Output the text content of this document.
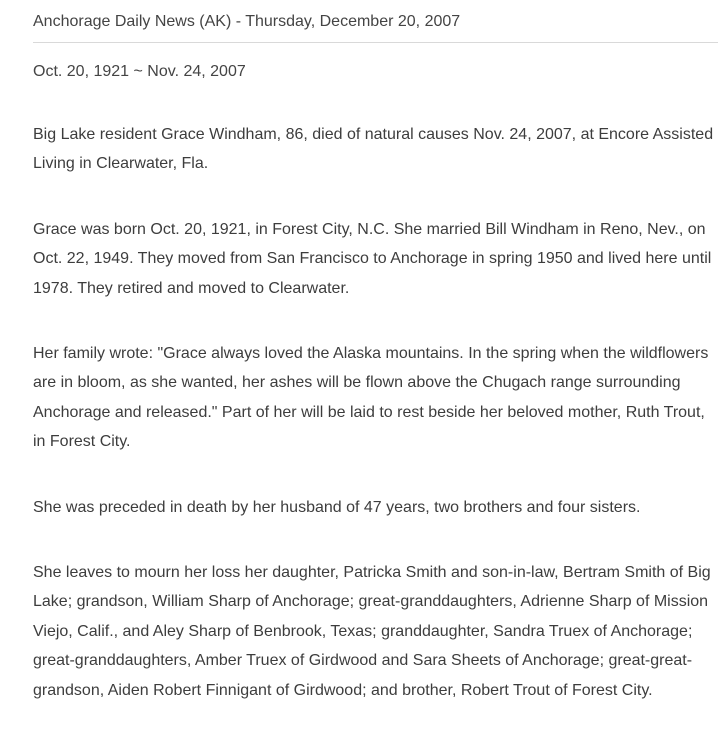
Anchorage Daily News (AK) - Thursday, December 20, 2007

Oct. 20, 1921 ~ Nov. 24, 2007

Big Lake resident Grace Windham, 86, died of natural causes Nov. 24, 2007, at Encore Assisted Living in Clearwater, Fla.

Grace was born Oct. 20, 1921, in Forest City, N.C. She married Bill Windham in Reno, Nev., on Oct. 22, 1949. They moved from San Francisco to Anchorage in spring 1950 and lived here until 1978. They retired and moved to Clearwater.

Her family wrote: "Grace always loved the Alaska mountains. In the spring when the wildflowers are in bloom, as she wanted, her ashes will be flown above the Chugach range surrounding Anchorage and released." Part of her will be laid to rest beside her beloved mother, Ruth Trout, in Forest City.

She was preceded in death by her husband of 47 years, two brothers and four sisters.

She leaves to mourn her loss her daughter, Patricka Smith and son-in-law, Bertram Smith of Big Lake; grandson, William Sharp of Anchorage; great-granddaughters, Adrienne Sharp of Mission Viejo, Calif., and Aley Sharp of Benbrook, Texas; granddaughter, Sandra Truex of Anchorage; great-granddaughters, Amber Truex of Girdwood and Sara Sheets of Anchorage; great-great-grandson, Aiden Robert Finnigant of Girdwood; and brother, Robert Trout of Forest City.
